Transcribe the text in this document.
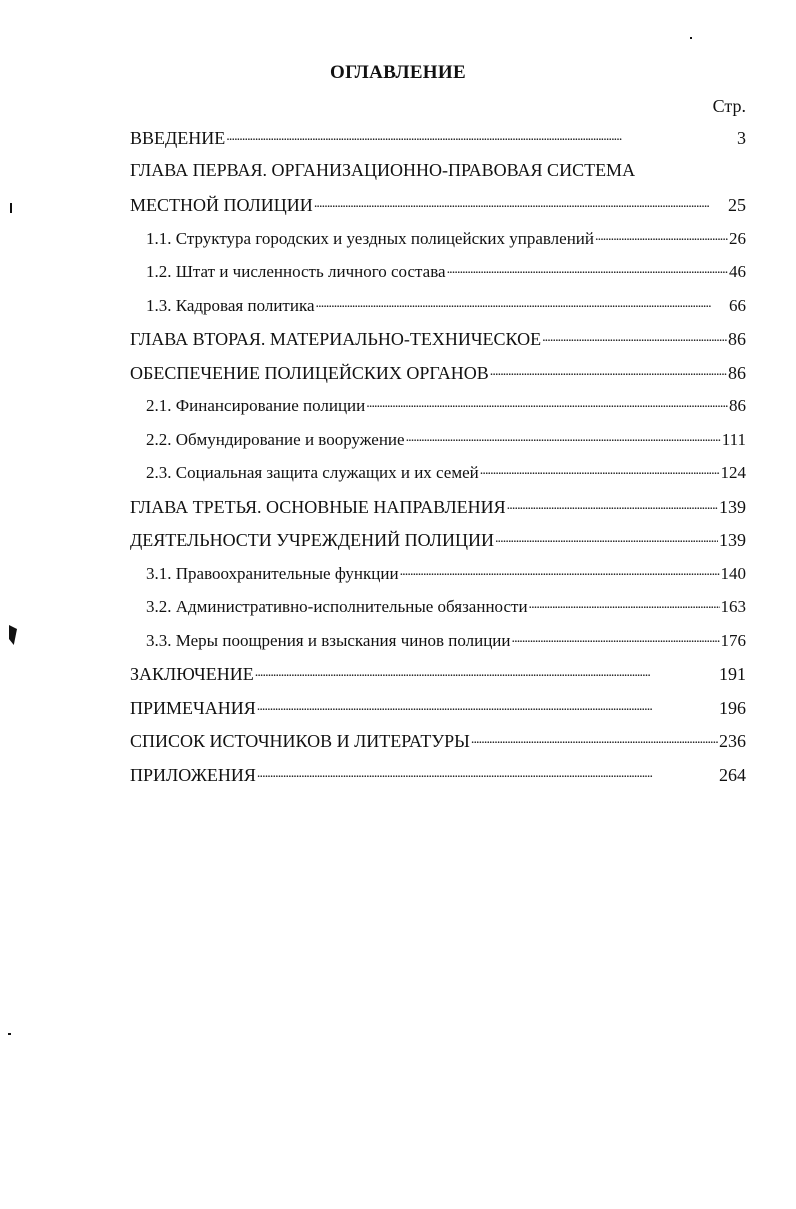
ОГЛАВЛЕНИЕ
Стр.
ВВЕДЕНИЕ . . .	3
ГЛАВА ПЕРВАЯ. ОРГАНИЗАЦИОННО-ПРАВОВАЯ СИСТЕМА
МЕСТНОЙ ПОЛИЦИИ . . .	25
1.1. Структура городских и уездных полицейских управлений . . .	26
1.2. Штат и численность личного состава . . .	46
1.3. Кадровая политика . . .	66
ГЛАВА ВТОРАЯ. МАТЕРИАЛЬНО-ТЕХНИЧЕСКОЕ . . .	86
ОБЕСПЕЧЕНИЕ ПОЛИЦЕЙСКИХ ОРГАНОВ . . .	86
2.1. Финансирование полиции . . .	86
2.2. Обмундирование и вооружение . . .	111
2.3. Социальная защита служащих и их семей . . .	124
ГЛАВА ТРЕТЬЯ. ОСНОВНЫЕ НАПРАВЛЕНИЯ . . .	139
ДЕЯТЕЛЬНОСТИ УЧРЕЖДЕНИЙ ПОЛИЦИИ . . .	139
3.1. Правоохранительные функции . . .	140
3.2. Административно-исполнительные обязанности . . .	163
3.3. Меры поощрения и взыскания чинов полиции . . .	176
ЗАКЛЮЧЕНИЕ . . .	191
ПРИМЕЧАНИЯ . . .	196
СПИСОК ИСТОЧНИКОВ И ЛИТЕРАТУРЫ . . .	236
ПРИЛОЖЕНИЯ . . .	264
